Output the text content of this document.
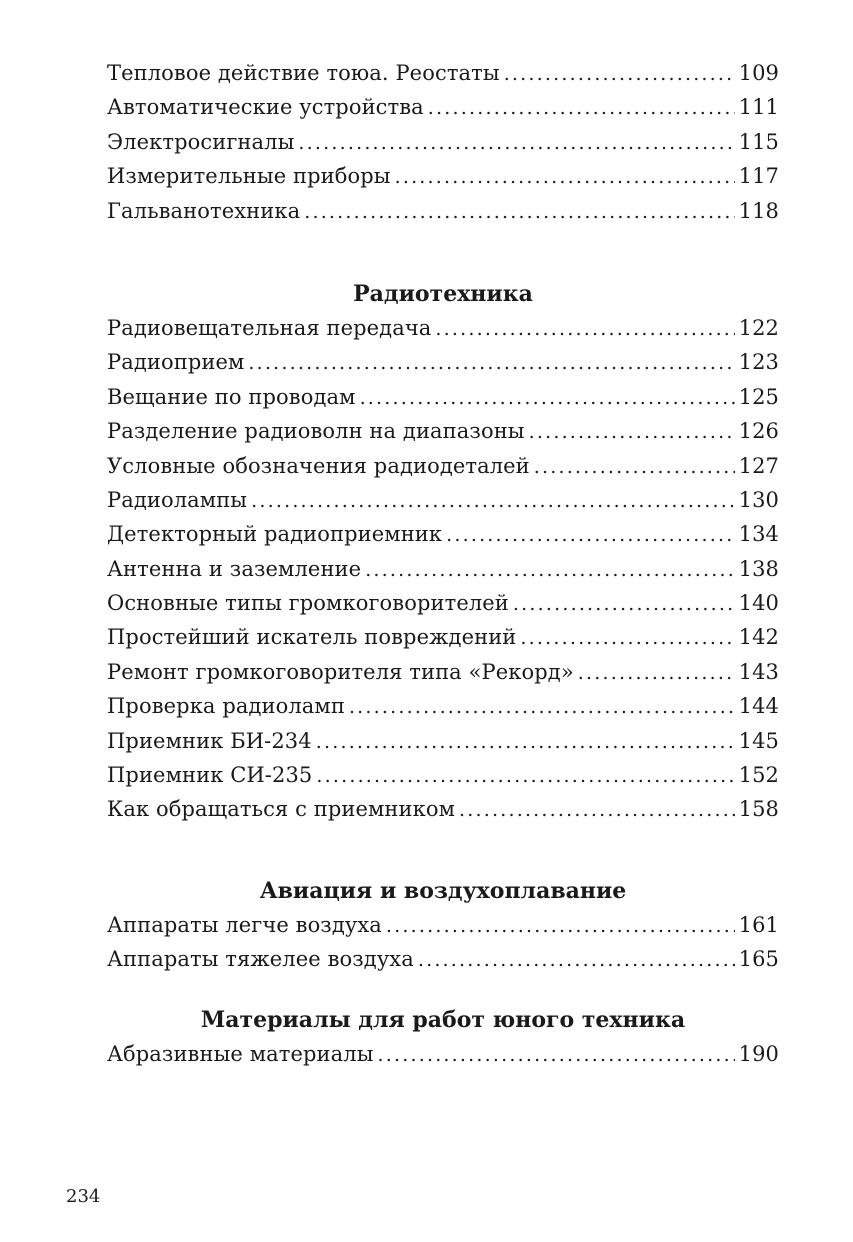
Тепловое действие тоюа. Реостаты .....	109
Автоматические устройства .....	111
Электросигналы .....	115
Измерительные приборы .....	117
Гальванотехника .....	118
Радиотехника
Радиовещательная передача .....	122
Радиоприем .....	123
Вещание по проводам .....	125
Разделение радиоволн на диапазоны .....	126
Условные обозначения радиодеталей .....	127
Радиолампы .....	130
Детекторный радиоприемник .....	134
Антенна и заземление .....	138
Основные типы громкоговорителей .....	140
Простейший искатель повреждений .....	142
Ремонт громкоговорителя типа «Рекорд» .....	143
Проверка радиоламп .....	144
Приемник БИ-234 .....	145
Приемник СИ-235 .....	152
Как обращаться с приемником .....	158
Авиация и воздухоплавание
Аппараты легче воздуха .....	161
Аппараты тяжелее воздуха .....	165
Материалы для работ юного техника
Абразивные материалы .....	190
234
